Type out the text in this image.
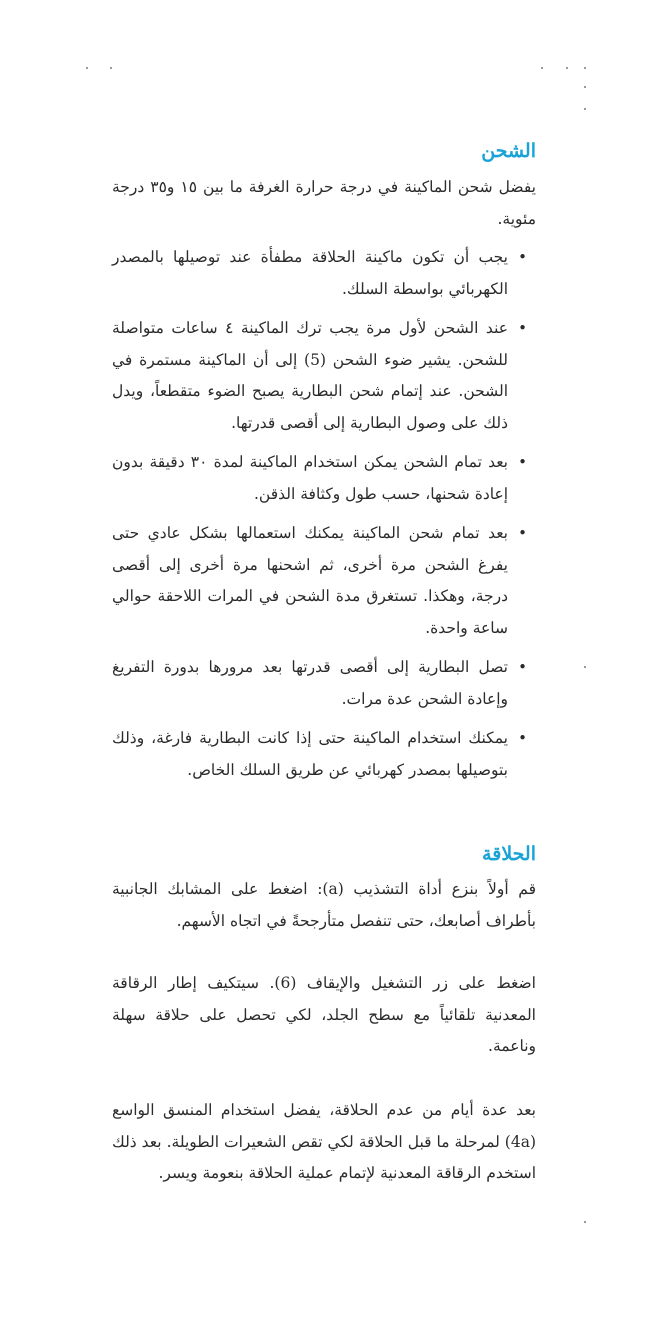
الشحن

يفضل شحن الماكينة في درجة حرارة الغرفة ما بين ١٥ و٣٥ درجة مئوية.

•
يجب أن تكون ماكينة الحلاقة مطفأة عند توصيلها بالمصدر الكهربائي بواسطة السلك.
•
عند الشحن لأول مرة يجب ترك الماكينة ٤ ساعات متواصلة للشحن. يشير ضوء الشحن (5) إلى أن الماكينة مستمرة في الشحن. عند إتمام شحن البطارية يصبح الضوء متقطعاً، ويدل ذلك على وصول البطارية إلى أقصى قدرتها.
•
بعد تمام الشحن يمكن استخدام الماكينة لمدة ٣٠ دقيقة بدون إعادة شحنها، حسب طول وكثافة الذقن.
•
بعد تمام شحن الماكينة يمكنك استعمالها بشكل عادي حتى يفرغ الشحن مرة أخرى، ثم اشحنها مرة أخرى إلى أقصى درجة، وهكذا. تستغرق مدة الشحن في المرات اللاحقة حوالي ساعة واحدة.
•
تصل البطارية إلى أقصى قدرتها بعد مرورها بدورة التفريغ وإعادة الشحن عدة مرات.
•
يمكنك استخدام الماكينة حتى إذا كانت البطارية فارغة، وذلك بتوصيلها بمصدر كهربائي عن طريق السلك الخاص.
الحلاقة

قم أولاً بنزع أداة التشذيب (a): اضغط على المشابك الجانبية بأطراف أصابعك، حتى تنفصل متأرجحةً في اتجاه الأسهم.

اضغط على زر التشغيل والإيقاف (6). سيتكيف إطار الرقاقة المعدنية تلقائياً مع سطح الجلد، لكي تحصل على حلاقة سهلة وناعمة.

بعد عدة أيام من عدم الحلاقة، يفضل استخدام المنسق الواسع (4a) لمرحلة ما قبل الحلاقة لكي تقص الشعيرات الطويلة. بعد ذلك استخدم الرقاقة المعدنية لإتمام عملية الحلاقة بنعومة ويسر.
